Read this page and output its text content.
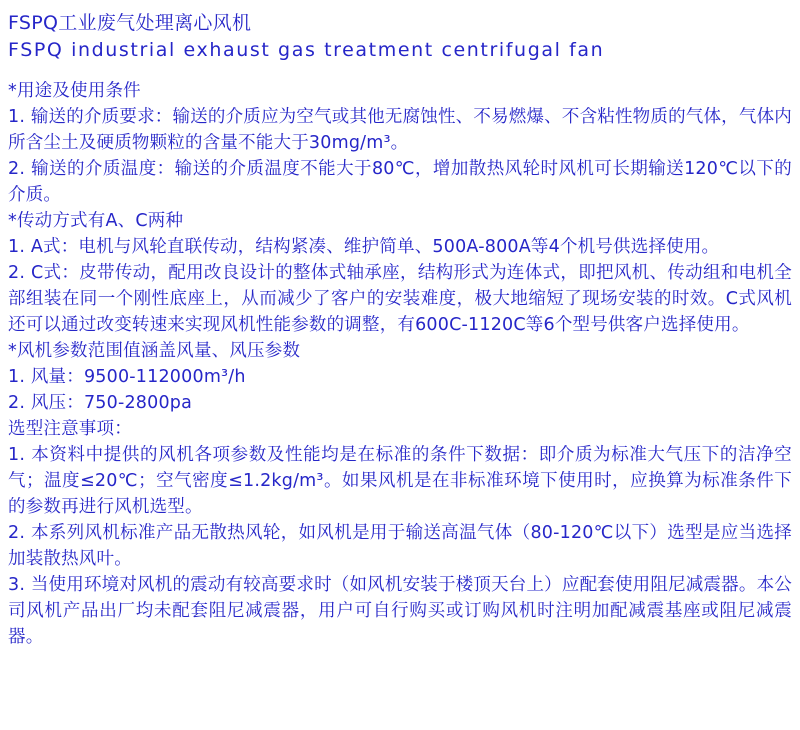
FSPQ工业废气处理离心风机
FSPQ industrial exhaust gas treatment centrifugal fan
*用途及使用条件

1. 输送的介质要求：输送的介质应为空气或其他无腐蚀性、不易燃爆、不含粘性物质的气体，气体内所含尘土及硬质物颗粒的含量不能大于30mg/m³。

2. 输送的介质温度：输送的介质温度不能大于80℃，增加散热风轮时风机可长期输送120℃以下的介质。

*传动方式有A、C两种

1. A式：电机与风轮直联传动，结构紧凑、维护简单、500A-800A等4个机号供选择使用。

2. C式：皮带传动，配用改良设计的整体式轴承座，结构形式为连体式，即把风机、传动组和电机全部组装在同一个刚性底座上，从而减少了客户的安装难度，极大地缩短了现场安装的时效。C式风机还可以通过改变转速来实现风机性能参数的调整，有600C-1120C等6个型号供客户选择使用。

*风机参数范围值涵盖风量、风压参数

1. 风量：9500-112000m³/h

2. 风压：750-2800pa

选型注意事项：

1. 本资料中提供的风机各项参数及性能均是在标准的条件下数据：即介质为标准大气压下的洁净空气；温度≤20℃；空气密度≤1.2kg/m³。如果风机是在非标准环境下使用时，应换算为标准条件下的参数再进行风机选型。

2. 本系列风机标准产品无散热风轮，如风机是用于输送高温气体（80-120℃以下）选型是应当选择加装散热风叶。

3. 当使用环境对风机的震动有较高要求时（如风机安装于楼顶天台上）应配套使用阻尼减震器。本公司风机产品出厂均未配套阻尼减震器，用户可自行购买或订购风机时注明加配减震基座或阻尼减震器。
